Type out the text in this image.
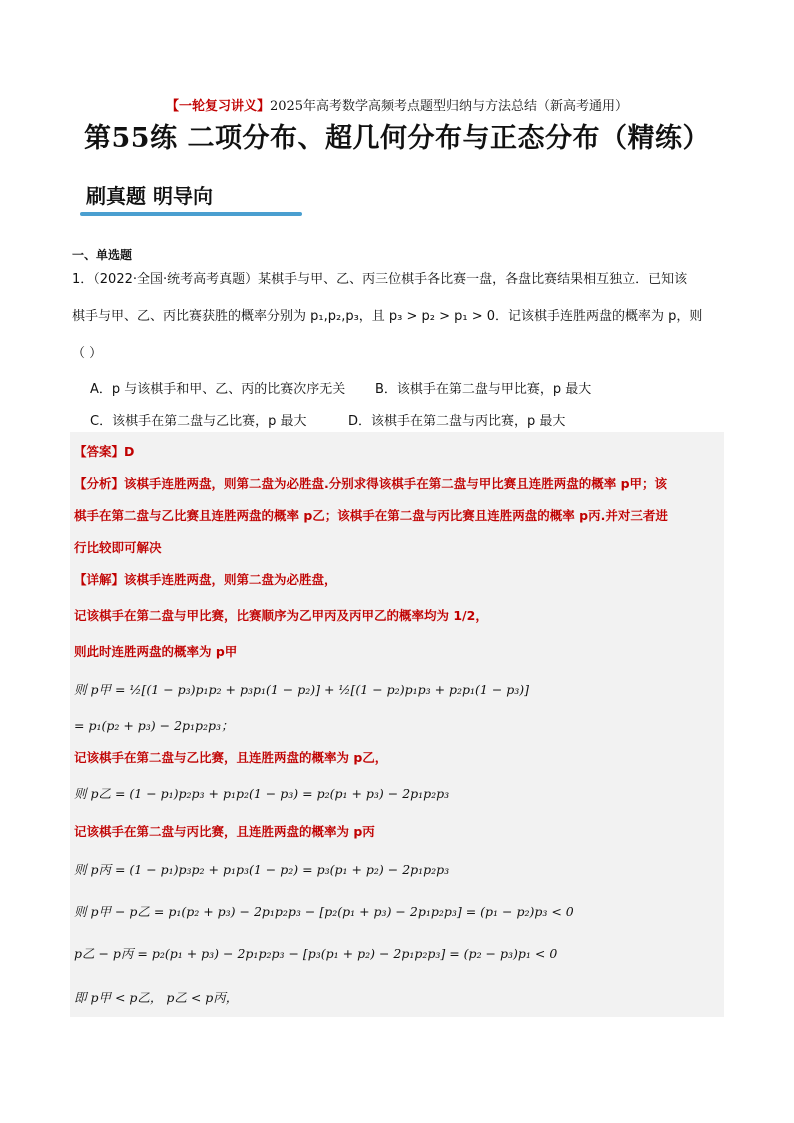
【一轮复习讲义】2025年高考数学高频考点题型归纳与方法总结（新高考通用）
第55练 二项分布、超几何分布与正态分布（精练）
刷真题 明导向
一、单选题
1．（2022·全国·统考高考真题）某棋手与甲、乙、丙三位棋手各比赛一盘，各盘比赛结果相互独立．已知该
棋手与甲、乙、丙比赛获胜的概率分别为 p₁,p₂,p₃，且 p₃ > p₂ > p₁ > 0．记该棋手连胜两盘的概率为 p，则
（ ）
A．p 与该棋手和甲、乙、丙的比赛次序无关 B．该棋手在第二盘与甲比赛，p 最大
C．该棋手在第二盘与乙比赛，p 最大	D．该棋手在第二盘与丙比赛，p 最大
【答案】D
【分析】该棋手连胜两盘，则第二盘为必胜盘.分别求得该棋手在第二盘与甲比赛且连胜两盘的概率 p甲；该
棋手在第二盘与乙比赛且连胜两盘的概率 p乙；该棋手在第二盘与丙比赛且连胜两盘的概率 p丙.并对三者进
行比较即可解决
【详解】该棋手连胜两盘，则第二盘为必胜盘，
记该棋手在第二盘与甲比赛，比赛顺序为乙甲丙及丙甲乙的概率均为 1/2，
则此时连胜两盘的概率为 p甲
则 p甲 = ½[(1 − p₃)p₁p₂ + p₃p₁(1 − p₂)] + ½[(1 − p₂)p₁p₃ + p₂p₁(1 − p₃)]
= p₁(p₂ + p₃) − 2p₁p₂p₃；
记该棋手在第二盘与乙比赛，且连胜两盘的概率为 p乙，
则 p乙 = (1 − p₁)p₂p₃ + p₁p₂(1 − p₃) = p₂(p₁ + p₃) − 2p₁p₂p₃
记该棋手在第二盘与丙比赛，且连胜两盘的概率为 p丙
则 p丙 = (1 − p₁)p₃p₂ + p₁p₃(1 − p₂) = p₃(p₁ + p₂) − 2p₁p₂p₃
则 p甲 − p乙 = p₁(p₂ + p₃) − 2p₁p₂p₃ − [p₂(p₁ + p₃) − 2p₁p₂p₃] = (p₁ − p₂)p₃ < 0
p乙 − p丙 = p₂(p₁ + p₃) − 2p₁p₂p₃ − [p₃(p₁ + p₂) − 2p₁p₂p₃] = (p₂ − p₃)p₁ < 0
即 p甲 < p乙， p乙 < p丙，
